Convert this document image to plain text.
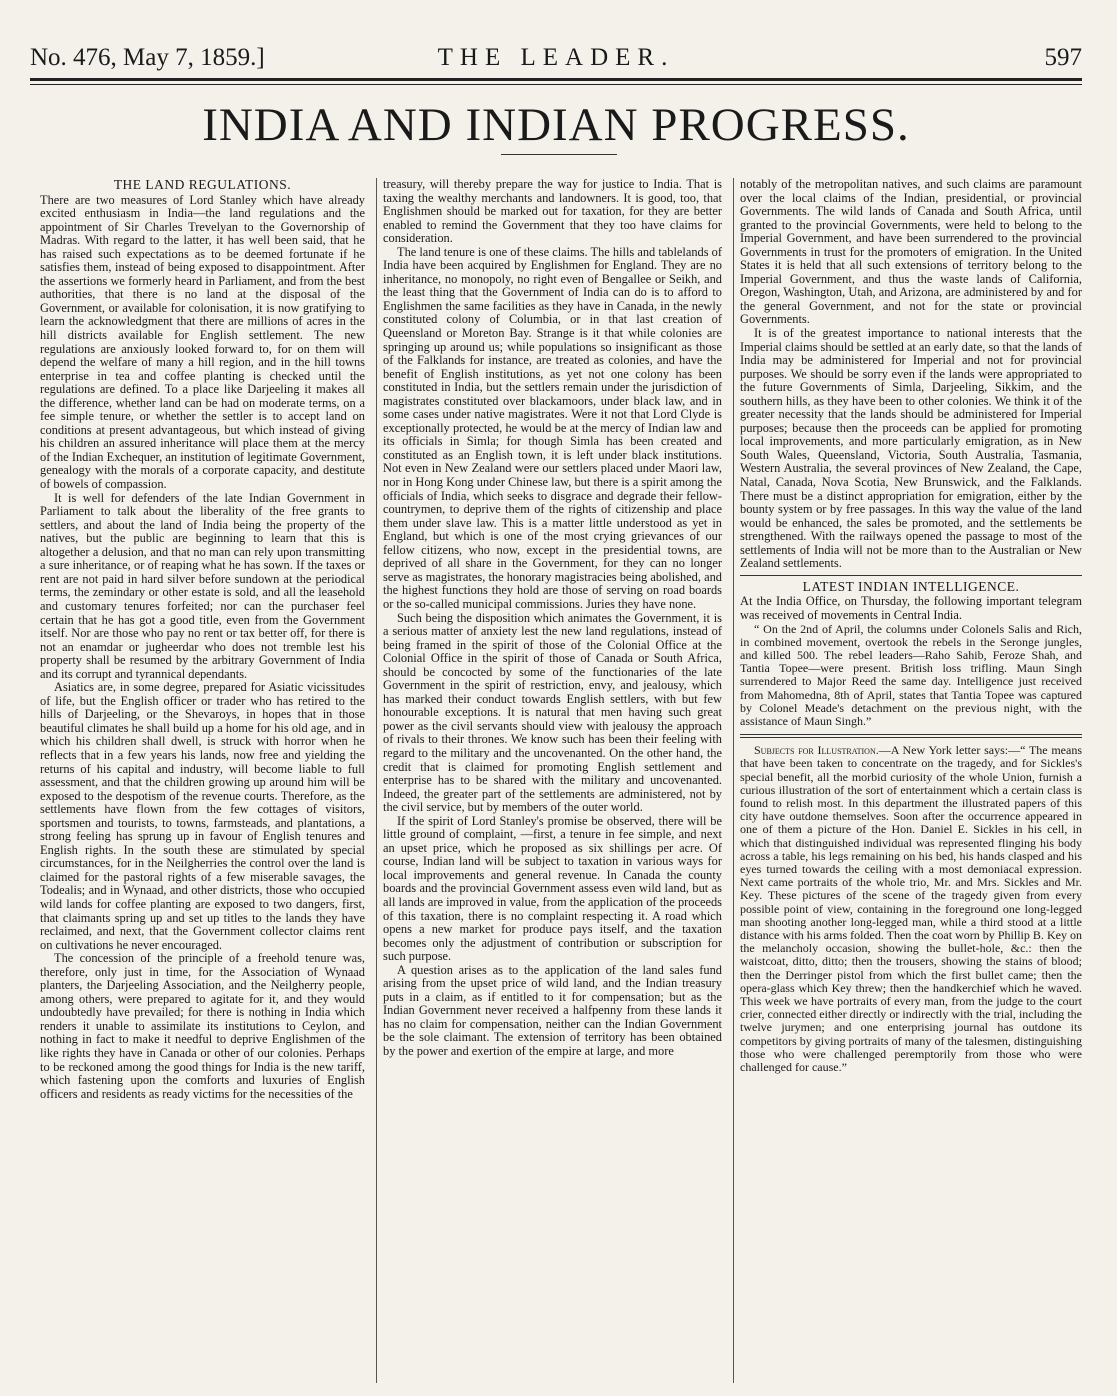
No. 476, May 7, 1859.]	THE LEADER.	597
INDIA AND INDIAN PROGRESS.
THE LAND REGULATIONS.

There are two measures of Lord Stanley which have already excited enthusiasm in India—the land regulations and the appointment of Sir Charles Trevelyan to the Governorship of Madras. With regard to the latter, it has well been said, that he has raised such expectations as to be deemed fortunate if he satisfies them, instead of being exposed to disappointment. After the assertions we formerly heard in Parliament, and from the best authorities, that there is no land at the disposal of the Government, or available for colonisation, it is now gratifying to learn the acknowledgment that there are millions of acres in the hill districts available for English settlement. The new regulations are anxiously looked forward to, for on them will depend the welfare of many a hill region, and in the hill towns enterprise in tea and coffee planting is checked until the regulations are defined. To a place like Darjeeling it makes all the difference, whether land can be had on moderate terms, on a fee simple tenure, or whether the settler is to accept land on conditions at present advantageous, but which instead of giving his children an assured inheritance will place them at the mercy of the Indian Exchequer, an institution of legitimate Government, genealogy with the morals of a corporate capacity, and destitute of bowels of compassion.

It is well for defenders of the late Indian Government in Parliament to talk about the liberality of the free grants to settlers, and about the land of India being the property of the natives, but the public are beginning to learn that this is altogether a delusion, and that no man can rely upon transmitting a sure inheritance, or of reaping what he has sown. If the taxes or rent are not paid in hard silver before sundown at the periodical terms, the zemindary or other estate is sold, and all the leasehold and customary tenures forfeited; nor can the purchaser feel certain that he has got a good title, even from the Government itself. Nor are those who pay no rent or tax better off, for there is not an enamdar or jugheerdar who does not tremble lest his property shall be resumed by the arbitrary Government of India and its corrupt and tyrannical dependants.

Asiatics are, in some degree, prepared for Asiatic vicissitudes of life, but the English officer or trader who has retired to the hills of Darjeeling, or the Shevaroys, in hopes that in those beautiful climates he shall build up a home for his old age, and in which his children shall dwell, is struck with horror when he reflects that in a few years his lands, now free and yielding the returns of his capital and industry, will become liable to full assessment, and that the children growing up around him will be exposed to the despotism of the revenue courts. Therefore, as the settlements have flown from the few cottages of visitors, sportsmen and tourists, to towns, farmsteads, and plantations, a strong feeling has sprung up in favour of English tenures and English rights. In the south these are stimulated by special circumstances, for in the Neilgherries the control over the land is claimed for the pastoral rights of a few miserable savages, the Todealis; and in Wynaad, and other districts, those who occupied wild lands for coffee planting are exposed to two dangers, first, that claimants spring up and set up titles to the lands they have reclaimed, and next, that the Government collector claims rent on cultivations he never encouraged.

The concession of the principle of a freehold tenure was, therefore, only just in time, for the Association of Wynaad planters, the Darjeeling Association, and the Neilgherry people, among others, were prepared to agitate for it, and they would undoubtedly have prevailed; for there is nothing in India which renders it unable to assimilate its institutions to Ceylon, and nothing in fact to make it needful to deprive Englishmen of the like rights they have in Canada or other of our colonies. Perhaps to be reckoned among the good things for India is the new tariff, which fastening upon the comforts and luxuries of English officers and residents as ready victims for the necessities of the

treasury, will thereby prepare the way for justice to India. That is taxing the wealthy merchants and landowners. It is good, too, that Englishmen should be marked out for taxation, for they are better enabled to remind the Government that they too have claims for consideration.

The land tenure is one of these claims. The hills and tablelands of India have been acquired by Englishmen for England. They are no inheritance, no monopoly, no right even of Bengallee or Seikh, and the least thing that the Government of India can do is to afford to Englishmen the same facilities as they have in Canada, in the newly constituted colony of Columbia, or in that last creation of Queensland or Moreton Bay. Strange is it that while colonies are springing up around us; while populations so insignificant as those of the Falklands for instance, are treated as colonies, and have the benefit of English institutions, as yet not one colony has been constituted in India, but the settlers remain under the jurisdiction of magistrates constituted over blackamoors, under black law, and in some cases under native magistrates. Were it not that Lord Clyde is exceptionally protected, he would be at the mercy of Indian law and its officials in Simla; for though Simla has been created and constituted as an English town, it is left under black institutions. Not even in New Zealand were our settlers placed under Maori law, nor in Hong Kong under Chinese law, but there is a spirit among the officials of India, which seeks to disgrace and degrade their fellow-countrymen, to deprive them of the rights of citizenship and place them under slave law. This is a matter little understood as yet in England, but which is one of the most crying grievances of our fellow citizens, who now, except in the presidential towns, are deprived of all share in the Government, for they can no longer serve as magistrates, the honorary magistracies being abolished, and the highest functions they hold are those of serving on road boards or the so-called municipal commissions. Juries they have none.

Such being the disposition which animates the Government, it is a serious matter of anxiety lest the new land regulations, instead of being framed in the spirit of those of the Colonial Office at the Colonial Office in the spirit of those of Canada or South Africa, should be concocted by some of the functionaries of the late Government in the spirit of restriction, envy, and jealousy, which has marked their conduct towards English settlers, with but few honourable exceptions. It is natural that men having such great power as the civil servants should view with jealousy the approach of rivals to their thrones. We know such has been their feeling with regard to the military and the uncovenanted. On the other hand, the credit that is claimed for promoting English settlement and enterprise has to be shared with the military and uncovenanted. Indeed, the greater part of the settlements are administered, not by the civil service, but by members of the outer world.

If the spirit of Lord Stanley's promise be observed, there will be little ground of complaint, —first, a tenure in fee simple, and next an upset price, which he proposed as six shillings per acre. Of course, Indian land will be subject to taxation in various ways for local improvements and general revenue. In Canada the county boards and the provincial Government assess even wild land, but as all lands are improved in value, from the application of the proceeds of this taxation, there is no complaint respecting it. A road which opens a new market for produce pays itself, and the taxation becomes only the adjustment of contribution or subscription for such purpose.

A question arises as to the application of the land sales fund arising from the upset price of wild land, and the Indian treasury puts in a claim, as if entitled to it for compensation; but as the Indian Government never received a halfpenny from these lands it has no claim for compensation, neither can the Indian Government be the sole claimant. The extension of territory has been obtained by the power and exertion of the empire at large, and more

notably of the metropolitan natives, and such claims are paramount over the local claims of the Indian, presidential, or provincial Governments. The wild lands of Canada and South Africa, until granted to the provincial Governments, were held to belong to the Imperial Government, and have been surrendered to the provincial Governments in trust for the promoters of emigration. In the United States it is held that all such extensions of territory belong to the Imperial Government, and thus the waste lands of California, Oregon, Washington, Utah, and Arizona, are administered by and for the general Government, and not for the state or provincial Governments.

It is of the greatest importance to national interests that the Imperial claims should be settled at an early date, so that the lands of India may be administered for Imperial and not for provincial purposes. We should be sorry even if the lands were appropriated to the future Governments of Simla, Darjeeling, Sikkim, and the southern hills, as they have been to other colonies. We think it of the greater necessity that the lands should be administered for Imperial purposes; because then the proceeds can be applied for promoting local improvements, and more particularly emigration, as in New South Wales, Queensland, Victoria, South Australia, Tasmania, Western Australia, the several provinces of New Zealand, the Cape, Natal, Canada, Nova Scotia, New Brunswick, and the Falklands. There must be a distinct appropriation for emigration, either by the bounty system or by free passages. In this way the value of the land would be enhanced, the sales be promoted, and the settlements be strengthened. With the railways opened the passage to most of the settlements of India will not be more than to the Australian or New Zealand settlements.

LATEST INDIAN INTELLIGENCE.

At the India Office, on Thursday, the following important telegram was received of movements in Central India.

“ On the 2nd of April, the columns under Colonels Salis and Rich, in combined movement, overtook the rebels in the Seronge jungles, and killed 500. The rebel leaders—Raho Sahib, Feroze Shah, and Tantia Topee—were present. British loss trifling. Maun Singh surrendered to Major Reed the same day. Intelligence just received from Mahomedna, 8th of April, states that Tantia Topee was captured by Colonel Meade's detachment on the previous night, with the assistance of Maun Singh.”

Subjects for Illustration.—A New York letter says:—“ The means that have been taken to concentrate on the tragedy, and for Sickles's special benefit, all the morbid curiosity of the whole Union, furnish a curious illustration of the sort of entertainment which a certain class is found to relish most. In this department the illustrated papers of this city have outdone themselves. Soon after the occurrence appeared in one of them a picture of the Hon. Daniel E. Sickles in his cell, in which that distinguished individual was represented flinging his body across a table, his legs remaining on his bed, his hands clasped and his eyes turned towards the ceiling with a most demoniacal expression. Next came portraits of the whole trio, Mr. and Mrs. Sickles and Mr. Key. These pictures of the scene of the tragedy given from every possible point of view, containing in the foreground one long-legged man shooting another long-legged man, while a third stood at a little distance with his arms folded. Then the coat worn by Phillip B. Key on the melancholy occasion, showing the bullet-hole, &c.: then the waistcoat, ditto, ditto; then the trousers, showing the stains of blood; then the Derringer pistol from which the first bullet came; then the opera-glass which Key threw; then the handkerchief which he waved. This week we have portraits of every man, from the judge to the court crier, connected either directly or indirectly with the trial, including the twelve jurymen; and one enterprising journal has outdone its competitors by giving portraits of many of the talesmen, distinguishing those who were challenged peremptorily from those who were challenged for cause.”
